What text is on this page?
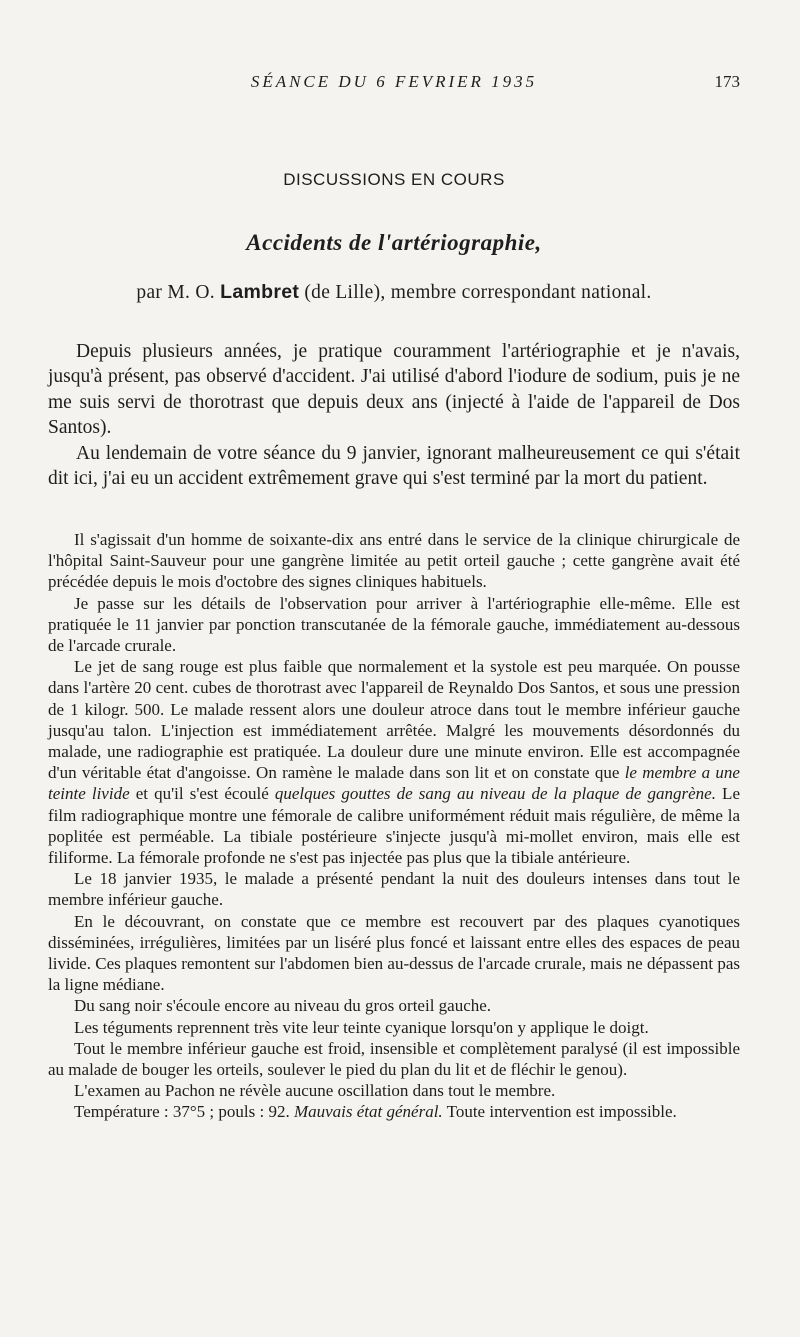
SÉANCE DU 6 FEVRIER 1935	173
DISCUSSIONS EN COURS
Accidents de l'artériographie,
par M. O. Lambret (de Lille), membre correspondant national.

Depuis plusieurs années, je pratique couramment l'artériographie et je n'avais, jusqu'à présent, pas observé d'accident. J'ai utilisé d'abord l'iodure de sodium, puis je ne me suis servi de thorotrast que depuis deux ans (injecté à l'aide de l'appareil de Dos Santos).

Au lendemain de votre séance du 9 janvier, ignorant malheureusement ce qui s'était dit ici, j'ai eu un accident extrêmement grave qui s'est terminé par la mort du patient.

Il s'agissait d'un homme de soixante-dix ans entré dans le service de la clinique chirurgicale de l'hôpital Saint-Sauveur pour une gangrène limitée au petit orteil gauche ; cette gangrène avait été précédée depuis le mois d'octobre des signes cliniques habituels.

Je passe sur les détails de l'observation pour arriver à l'artériographie elle-même. Elle est pratiquée le 11 janvier par ponction transcutanée de la fémorale gauche, immédiatement au-dessous de l'arcade crurale.

Le jet de sang rouge est plus faible que normalement et la systole est peu marquée. On pousse dans l'artère 20 cent. cubes de thorotrast avec l'appareil de Reynaldo Dos Santos, et sous une pression de 1 kilogr. 500. Le malade ressent alors une douleur atroce dans tout le membre inférieur gauche jusqu'au talon. L'injection est immédiatement arrêtée. Malgré les mouvements désordonnés du malade, une radiographie est pratiquée. La douleur dure une minute environ. Elle est accompagnée d'un véritable état d'angoisse. On ramène le malade dans son lit et on constate que le membre a une teinte livide et qu'il s'est écoulé quelques gouttes de sang au niveau de la plaque de gangrène. Le film radiographique montre une fémorale de calibre uniformément réduit mais régulière, de même la poplitée est perméable. La tibiale postérieure s'injecte jusqu'à mi-mollet environ, mais elle est filiforme. La fémorale profonde ne s'est pas injectée pas plus que la tibiale antérieure.

Le 18 janvier 1935, le malade a présenté pendant la nuit des douleurs intenses dans tout le membre inférieur gauche.

En le découvrant, on constate que ce membre est recouvert par des plaques cyanotiques disséminées, irrégulières, limitées par un liséré plus foncé et laissant entre elles des espaces de peau livide. Ces plaques remontent sur l'abdomen bien au-dessus de l'arcade crurale, mais ne dépassent pas la ligne médiane.

Du sang noir s'écoule encore au niveau du gros orteil gauche.

Les téguments reprennent très vite leur teinte cyanique lorsqu'on y applique le doigt.

Tout le membre inférieur gauche est froid, insensible et complètement paralysé (il est impossible au malade de bouger les orteils, soulever le pied du plan du lit et de fléchir le genou).

L'examen au Pachon ne révèle aucune oscillation dans tout le membre.

Température : 37°5 ; pouls : 92. Mauvais état général. Toute intervention est impossible.
